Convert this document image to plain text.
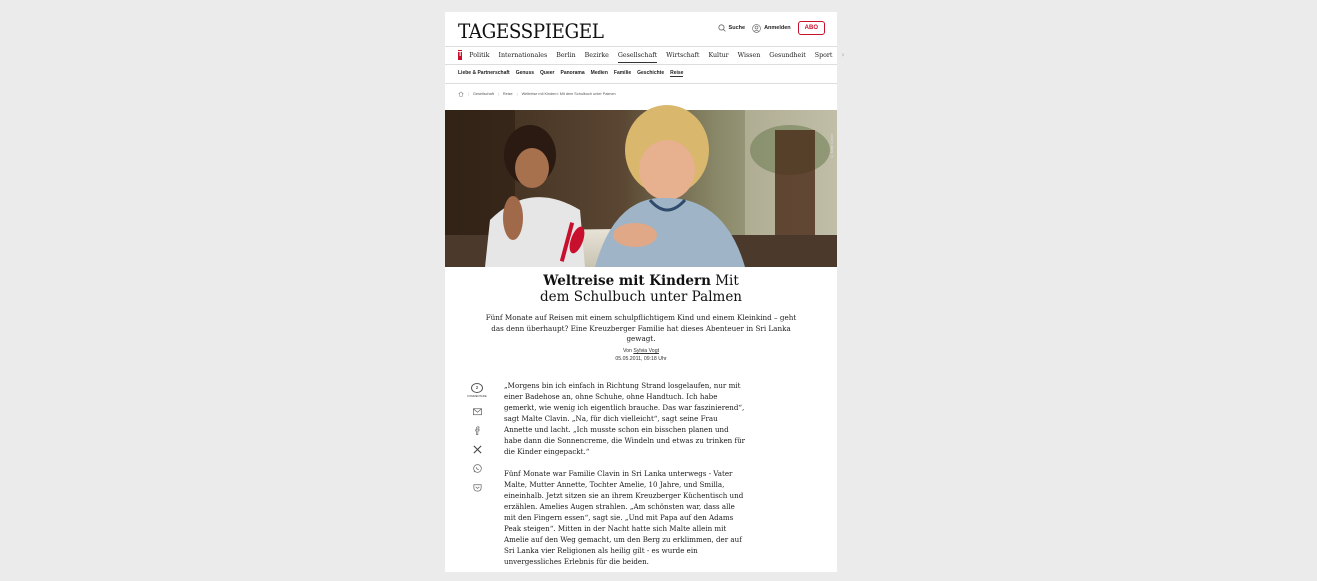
TAGESSPIEGEL	Suche	Anmelden	ABO
T Politik Internationales Berlin Bezirke Gesellschaft Wirtschaft Kultur Wissen Gesundheit Sport ›
Liebe & Partnerschaft Genuss Queer Panorama Medien Familie Geschichte Reise
| Gesellschaft | Reise | Weltreise mit Kindern: Mit dem Schulbuch unter Palmen
© Malte Clavin
Weltreise mit Kindern Mit
dem Schulbuch unter Palmen
Fünf Monate auf Reisen mit einem schulpflichtigem Kind und einem Kleinkind – geht das denn überhaupt? Eine Kreuzberger Familie hat dieses Abenteuer in Sri Lanka gewagt.
Von Sylvia Vogt
05.05.2011, 09:18 Uhr
2
KOMMENTARE

„Morgens bin ich einfach in Richtung Strand losgelaufen, nur mit einer Badehose an, ohne Schuhe, ohne Handtuch. Ich habe gemerkt, wie wenig ich eigentlich brauche. Das war faszinierend“, sagt Malte Clavin. „Na, für dich vielleicht“, sagt seine Frau Annette und lacht. „Ich musste schon ein bisschen planen und habe dann die Sonnencreme, die Windeln und etwas zu trinken für die Kinder eingepackt.“

Fünf Monate war Familie Clavin in Sri Lanka unterwegs - Vater Malte, Mutter Annette, Tochter Amelie, 10 Jahre, und Smilla, eineinhalb. Jetzt sitzen sie an ihrem Kreuzberger Küchentisch und erzählen. Amelies Augen strahlen. „Am schönsten war, dass alle mit den Fingern essen“, sagt sie. „Und mit Papa auf den Adams Peak steigen“. Mitten in der Nacht hatte sich Malte allein mit Amelie auf den Weg gemacht, um den Berg zu erklimmen, der auf Sri Lanka vier Religionen als heilig gilt - es wurde ein unvergessliches Erlebnis für die beiden.
